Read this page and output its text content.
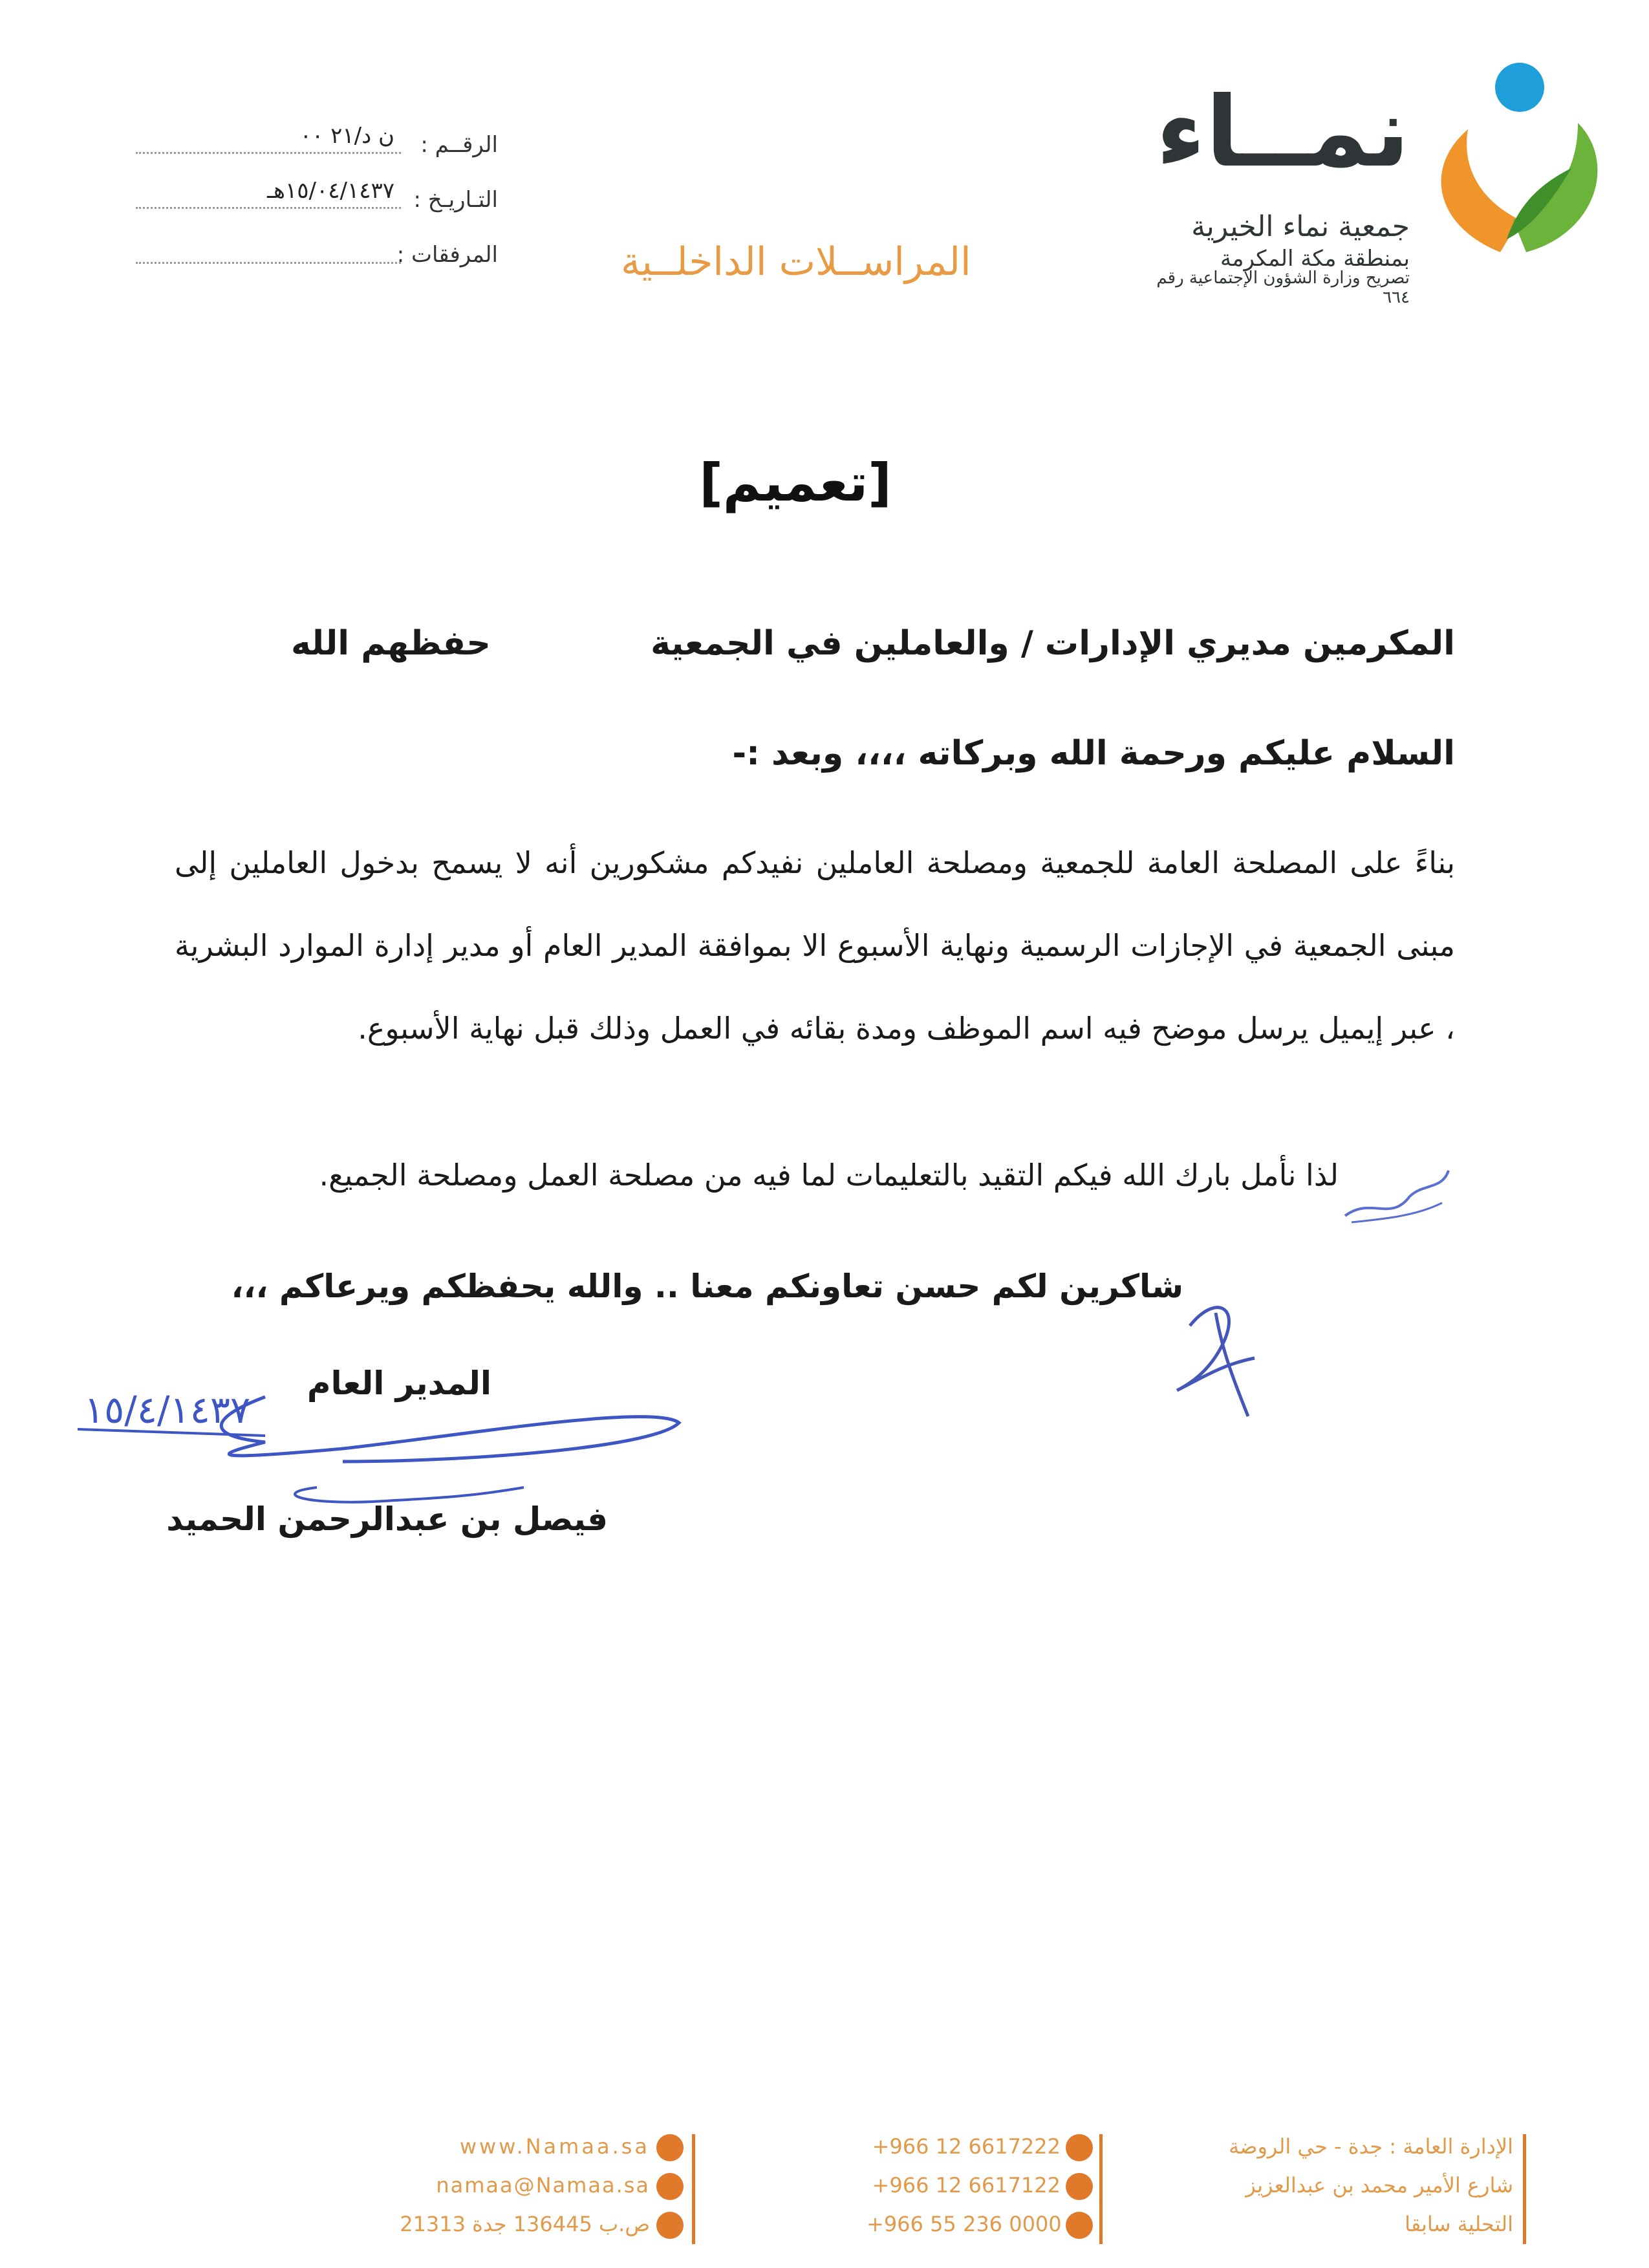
نمــاء
جمعية نماء الخيرية
بمنطقة مكة المكرمة
تصريح وزارة الشؤون الإجتماعية رقم ٦٦٤
المراســلات الداخلــية
الرقــم :
ن د/٢١ ٠٠
التـاريـخ :
١٥/٠٤/١٤٣٧هـ
المرفقات :
[تعميم]
المكرمين مديري الإدارات / والعاملين في الجمعية
حفظهم الله
السلام عليكم ورحمة الله وبركاته ،،،، وبعد :-
بناءً على المصلحة العامة للجمعية ومصلحة العاملين نفيدكم مشكورين أنه لا يسمح بدخول العاملين إلى مبنى الجمعية في الإجازات الرسمية ونهاية الأسبوع الا بموافقة المدير العام أو مدير إدارة الموارد البشرية ، عبر إيميل يرسل موضح فيه اسم الموظف ومدة بقائه في العمل وذلك قبل نهاية الأسبوع.
لذا نأمل بارك الله فيكم التقيد بالتعليمات لما فيه من مصلحة العمل ومصلحة الجميع.
شاكرين لكم حسن تعاونكم معنا .. والله يحفظكم ويرعاكم ،،،
المدير العام
١٥/٤/١٤٣٧
فيصل بن عبدالرحمن الحميد
الإدارة العامة : جدة - حي الروضة
شارع الأمير محمد بن عبدالعزيز
التحلية سابقا
+966 12 6617222
+966 12 6617122
+966 55 236 0000
www.Namaa.sa
namaa@Namaa.sa
ص.ب 136445 جدة 21313
